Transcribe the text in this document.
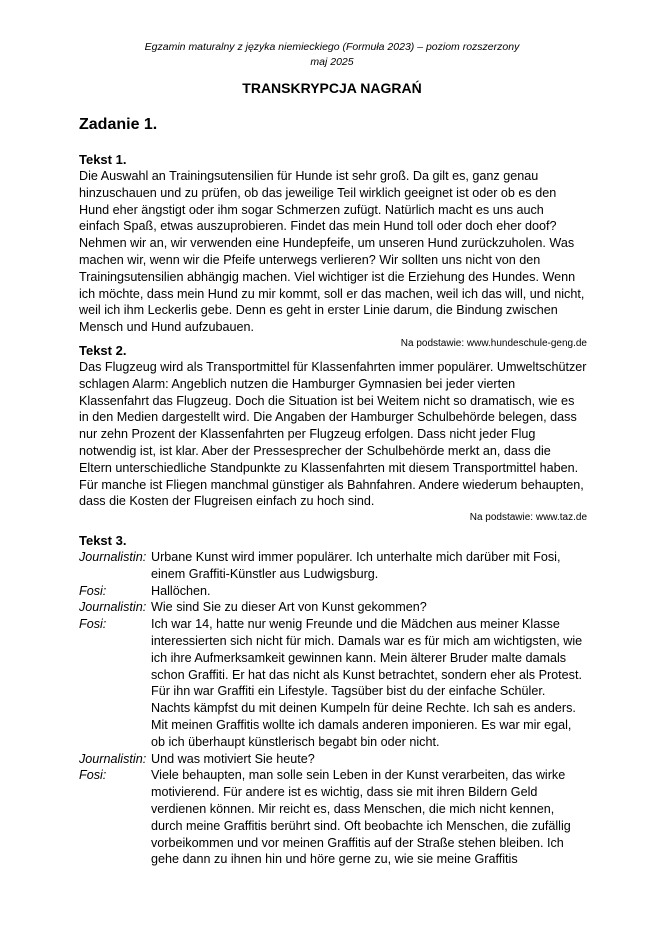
Egzamin maturalny z języka niemieckiego (Formuła 2023) – poziom rozszerzony
maj 2025
TRANSKRYPCJA NAGRAŃ
Zadanie 1.
Tekst 1.

Die Auswahl an Trainingsutensilien für Hunde ist sehr groß. Da gilt es, ganz genau hinzuschauen und zu prüfen, ob das jeweilige Teil wirklich geeignet ist oder ob es den Hund eher ängstigt oder ihm sogar Schmerzen zufügt. Natürlich macht es uns auch einfach Spaß, etwas auszuprobieren. Findet das mein Hund toll oder doch eher doof? Nehmen wir an, wir verwenden eine Hundepfeife, um unseren Hund zurückzuholen. Was machen wir, wenn wir die Pfeife unterwegs verlieren? Wir sollten uns nicht von den Trainingsutensilien abhängig machen. Viel wichtiger ist die Erziehung des Hundes. Wenn ich möchte, dass mein Hund zu mir kommt, soll er das machen, weil ich das will, und nicht, weil ich ihm Leckerlis gebe. Denn es geht in erster Linie darum, die Bindung zwischen Mensch und Hund aufzubauen.

Na podstawie: www.hundeschule-geng.de

Tekst 2.

Das Flugzeug wird als Transportmittel für Klassenfahrten immer populärer. Umweltschützer schlagen Alarm: Angeblich nutzen die Hamburger Gymnasien bei jeder vierten Klassenfahrt das Flugzeug. Doch die Situation ist bei Weitem nicht so dramatisch, wie es in den Medien dargestellt wird. Die Angaben der Hamburger Schulbehörde belegen, dass nur zehn Prozent der Klassenfahrten per Flugzeug erfolgen. Dass nicht jeder Flug notwendig ist, ist klar. Aber der Pressesprecher der Schulbehörde merkt an, dass die Eltern unterschiedliche Standpunkte zu Klassenfahrten mit diesem Transportmittel haben. Für manche ist Fliegen manchmal günstiger als Bahnfahren. Andere wiederum behaupten, dass die Kosten der Flugreisen einfach zu hoch sind.

Na podstawie: www.taz.de

Tekst 3.
Journalistin: Urbane Kunst wird immer populärer. Ich unterhalte mich darüber mit Fosi, einem Graffiti-Künstler aus Ludwigsburg.
Fosi:	Hallöchen.
Journalistin: Wie sind Sie zu dieser Art von Kunst gekommen?
Fosi:	Ich war 14, hatte nur wenig Freunde und die Mädchen aus meiner Klasse interessierten sich nicht für mich. Damals war es für mich am wichtigsten, wie ich ihre Aufmerksamkeit gewinnen kann. Mein älterer Bruder malte damals schon Graffiti. Er hat das nicht als Kunst betrachtet, sondern eher als Protest. Für ihn war Graffiti ein Lifestyle. Tagsüber bist du der einfache Schüler. Nachts kämpfst du mit deinen Kumpeln für deine Rechte. Ich sah es anders. Mit meinen Graffitis wollte ich damals anderen imponieren. Es war mir egal, ob ich überhaupt künstlerisch begabt bin oder nicht.
Journalistin: Und was motiviert Sie heute?
Fosi:	Viele behaupten, man solle sein Leben in der Kunst verarbeiten, das wirke motivierend. Für andere ist es wichtig, dass sie mit ihren Bildern Geld verdienen können. Mir reicht es, dass Menschen, die mich nicht kennen, durch meine Graffitis berührt sind. Oft beobachte ich Menschen, die zufällig vorbeikommen und vor meinen Graffitis auf der Straße stehen bleiben. Ich gehe dann zu ihnen hin und höre gerne zu, wie sie meine Graffitis
